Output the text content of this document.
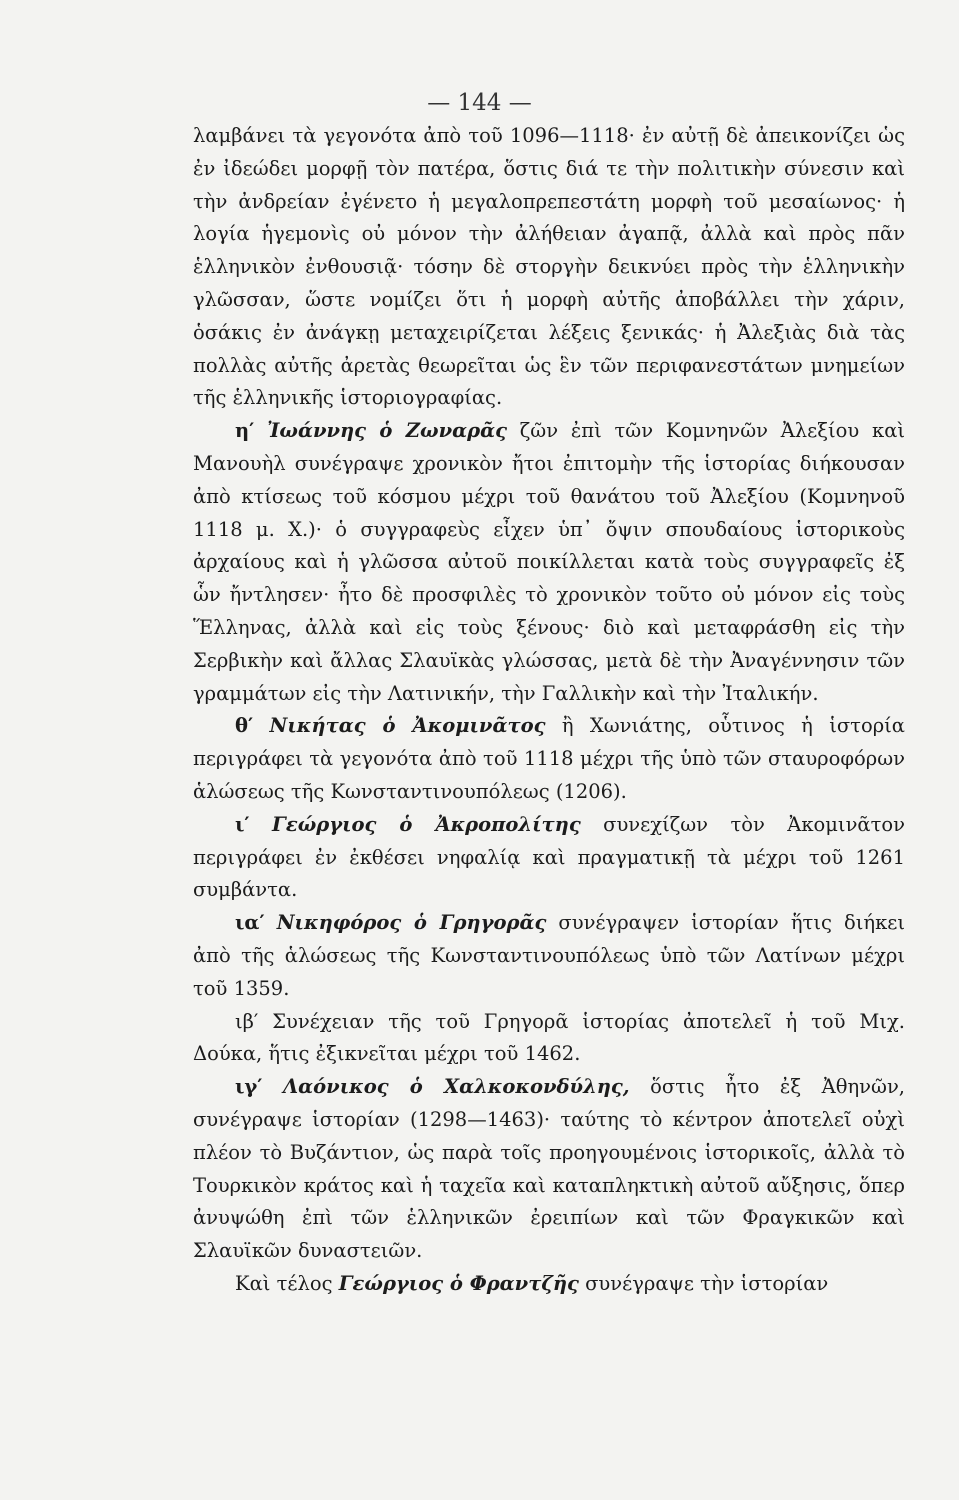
— 144 —

λαμβάνει τὰ γεγονότα ἀπὸ τοῦ 1096—1118· ἐν αὐτῇ δὲ ἀπεικονίζει ὡς ἐν ἰδεώδει μορφῇ τὸν πατέρα, ὅστις διά τε τὴν πολιτικὴν σύνεσιν καὶ τὴν ἀνδρείαν ἐγένετο ἡ μεγαλοπρεπεστάτη μορφὴ τοῦ μεσαίωνος· ἡ λογία ἡγεμονὶς οὐ μόνον τὴν ἀλήθειαν ἀγαπᾷ, ἀλλὰ καὶ πρὸς πᾶν ἑλληνικὸν ἐνθουσιᾷ· τόσην δὲ στοργὴν δεικνύει πρὸς τὴν ἑλληνικὴν γλῶσσαν, ὥστε νομίζει ὅτι ἡ μορφὴ αὐτῆς ἀποβάλλει τὴν χάριν, ὁσάκις ἐν ἀνάγκῃ μεταχειρίζεται λέξεις ξενικάς· ἡ Ἀλεξιὰς διὰ τὰς πολλὰς αὐτῆς ἀρετὰς θεωρεῖται ὡς ἓν τῶν περιφανεστάτων μνημείων τῆς ἑλληνικῆς ἱστοριογραφίας.

η′ Ἰωάννης ὁ Ζωναρᾶς ζῶν ἐπὶ τῶν Κομνηνῶν Ἀλεξίου καὶ Μανουὴλ συνέγραψε χρονικὸν ἤτοι ἐπιτομὴν τῆς ἱστορίας διήκουσαν ἀπὸ κτίσεως τοῦ κόσμου μέχρι τοῦ θανάτου τοῦ Ἀλεξίου (Κομνηνοῦ 1118 μ. Χ.)· ὁ συγγραφεὺς εἶχεν ὑπ᾽ ὄψιν σπουδαίους ἱστορικοὺς ἀρχαίους καὶ ἡ γλῶσσα αὐτοῦ ποικίλλεται κατὰ τοὺς συγγραφεῖς ἐξ ὧν ἤντλησεν· ἦτο δὲ προσφιλὲς τὸ χρονικὸν τοῦτο οὐ μόνον εἰς τοὺς Ἕλληνας, ἀλλὰ καὶ εἰς τοὺς ξένους· διὸ καὶ μεταφράσθη εἰς τὴν Σερβικὴν καὶ ἄλλας Σλαυϊκὰς γλώσσας, μετὰ δὲ τὴν Ἀναγέννησιν τῶν γραμμάτων εἰς τὴν Λατινικήν, τὴν Γαλλικὴν καὶ τὴν Ἰταλικήν.

θ′ Νικήτας ὁ Ἀκομινᾶτος ἢ Χωνιάτης, οὗτινος ἡ ἱστορία περιγράφει τὰ γεγονότα ἀπὸ τοῦ 1118 μέχρι τῆς ὑπὸ τῶν σταυροφόρων ἁλώσεως τῆς Κωνσταντινουπόλεως (1206).

ι′ Γεώργιος ὁ Ἀκροπολίτης συνεχίζων τὸν Ἀκομινᾶτον περιγράφει ἐν ἐκθέσει νηφαλίᾳ καὶ πραγματικῇ τὰ μέχρι τοῦ 1261 συμβάντα.

ια′ Νικηφόρος ὁ Γρηγορᾶς συνέγραψεν ἱστορίαν ἥτις διήκει ἀπὸ τῆς ἁλώσεως τῆς Κωνσταντινουπόλεως ὑπὸ τῶν Λατίνων μέχρι τοῦ 1359.

ιβ′ Συνέχειαν τῆς τοῦ Γρηγορᾶ ἱστορίας ἀποτελεῖ ἡ τοῦ Μιχ. Δούκα, ἥτις ἐξικνεῖται μέχρι τοῦ 1462.

ιγ′ Λαόνικος ὁ Χαλκοκονδύλης, ὅστις ἦτο ἐξ Ἀθηνῶν, συνέγραψε ἱστορίαν (1298—1463)· ταύτης τὸ κέντρον ἀποτελεῖ οὐχὶ πλέον τὸ Βυζάντιον, ὡς παρὰ τοῖς προηγουμένοις ἱστορικοῖς, ἀλλὰ τὸ Τουρκικὸν κράτος καὶ ἡ ταχεῖα καὶ καταπληκτικὴ αὐτοῦ αὔξησις, ὅπερ ἀνυψώθη ἐπὶ τῶν ἑλληνικῶν ἐρειπίων καὶ τῶν Φραγκικῶν καὶ Σλαυϊκῶν δυναστειῶν.

Καὶ τέλος Γεώργιος ὁ Φραντζῆς συνέγραψε τὴν ἱστορίαν
